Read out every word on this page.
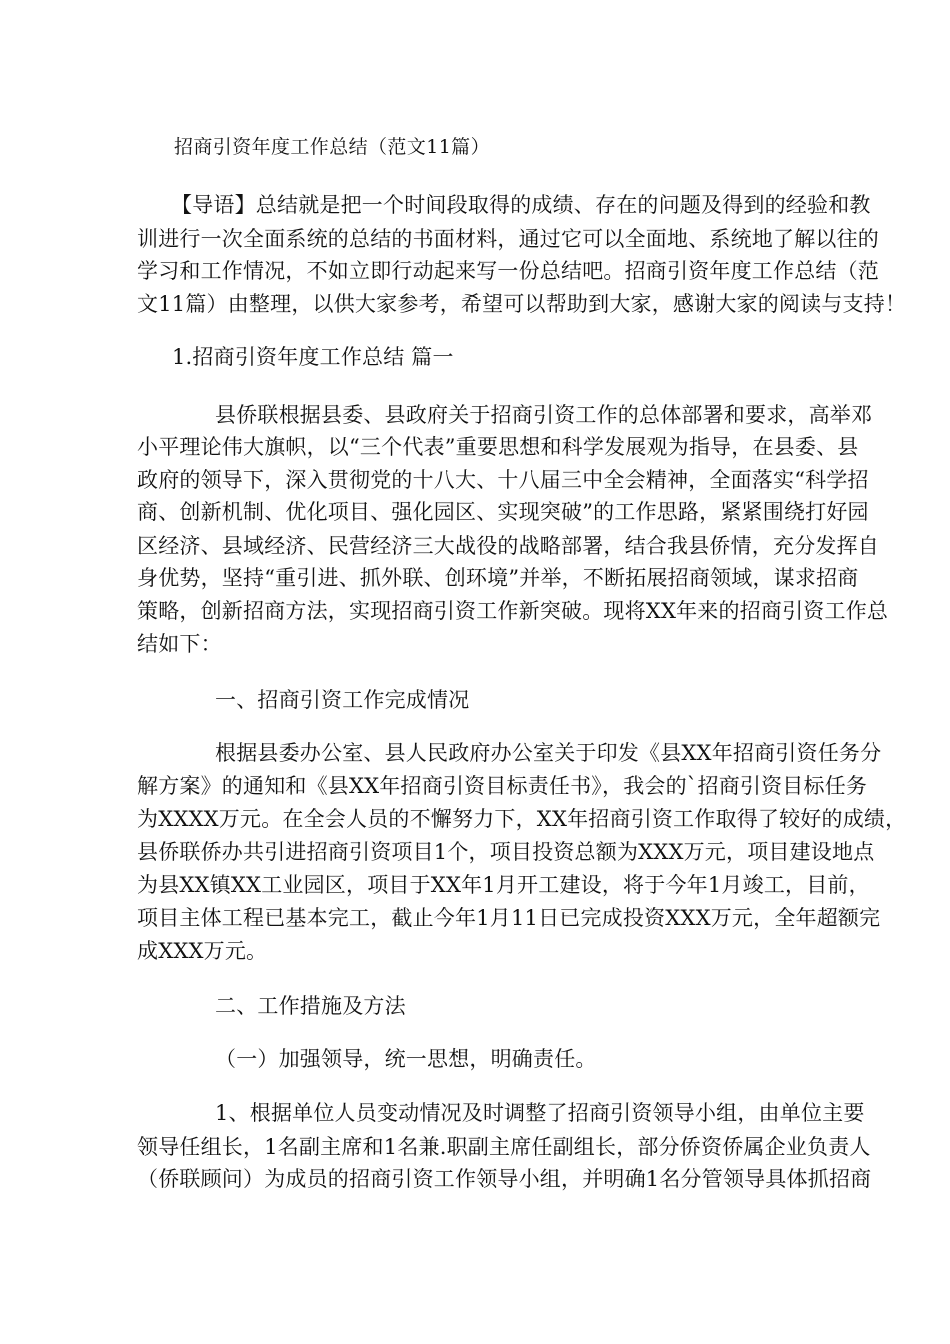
招商引资年度工作总结（范文11篇）
【导语】总结就是把一个时间段取得的成绩、存在的问题及得到的经验和教
训进行一次全面系统的总结的书面材料，通过它可以全面地、系统地了解以往的
学习和工作情况，不如立即行动起来写一份总结吧。招商引资年度工作总结（范
文11篇）由整理，以供大家参考，希望可以帮助到大家，感谢大家的阅读与支持！
1.招商引资年度工作总结 篇一
县侨联根据县委、县政府关于招商引资工作的总体部署和要求，高举邓
小平理论伟大旗帜，以“三个代表”重要思想和科学发展观为指导，在县委、县
政府的领导下，深入贯彻党的十八大、十八届三中全会精神，全面落实“科学招
商、创新机制、优化项目、强化园区、实现突破”的工作思路，紧紧围绕打好园
区经济、县域经济、民营经济三大战役的战略部署，结合我县侨情，充分发挥自
身优势，坚持“重引进、抓外联、创环境”并举，不断拓展招商领域，谋求招商
策略，创新招商方法，实现招商引资工作新突破。现将XX年来的招商引资工作总
结如下：
一、招商引资工作完成情况
根据县委办公室、县人民政府办公室关于印发《县XX年招商引资任务分
解方案》的通知和《县XX年招商引资目标责任书》，我会的`招商引资目标任务
为XXXX万元。在全会人员的不懈努力下，XX年招商引资工作取得了较好的成绩，
县侨联侨办共引进招商引资项目1个，项目投资总额为XXX万元，项目建设地点
为县XX镇XX工业园区，项目于XX年1月开工建设，将于今年1月竣工，目前，
项目主体工程已基本完工，截止今年1月11日已完成投资XXX万元，全年超额完
成XXX万元。
二、工作措施及方法
（一）加强领导，统一思想，明确责任。
1、根据单位人员变动情况及时调整了招商引资领导小组，由单位主要
领导任组长，1名副主席和1名兼.职副主席任副组长，部分侨资侨属企业负责人
（侨联顾问）为成员的招商引资工作领导小组，并明确1名分管领导具体抓招商
